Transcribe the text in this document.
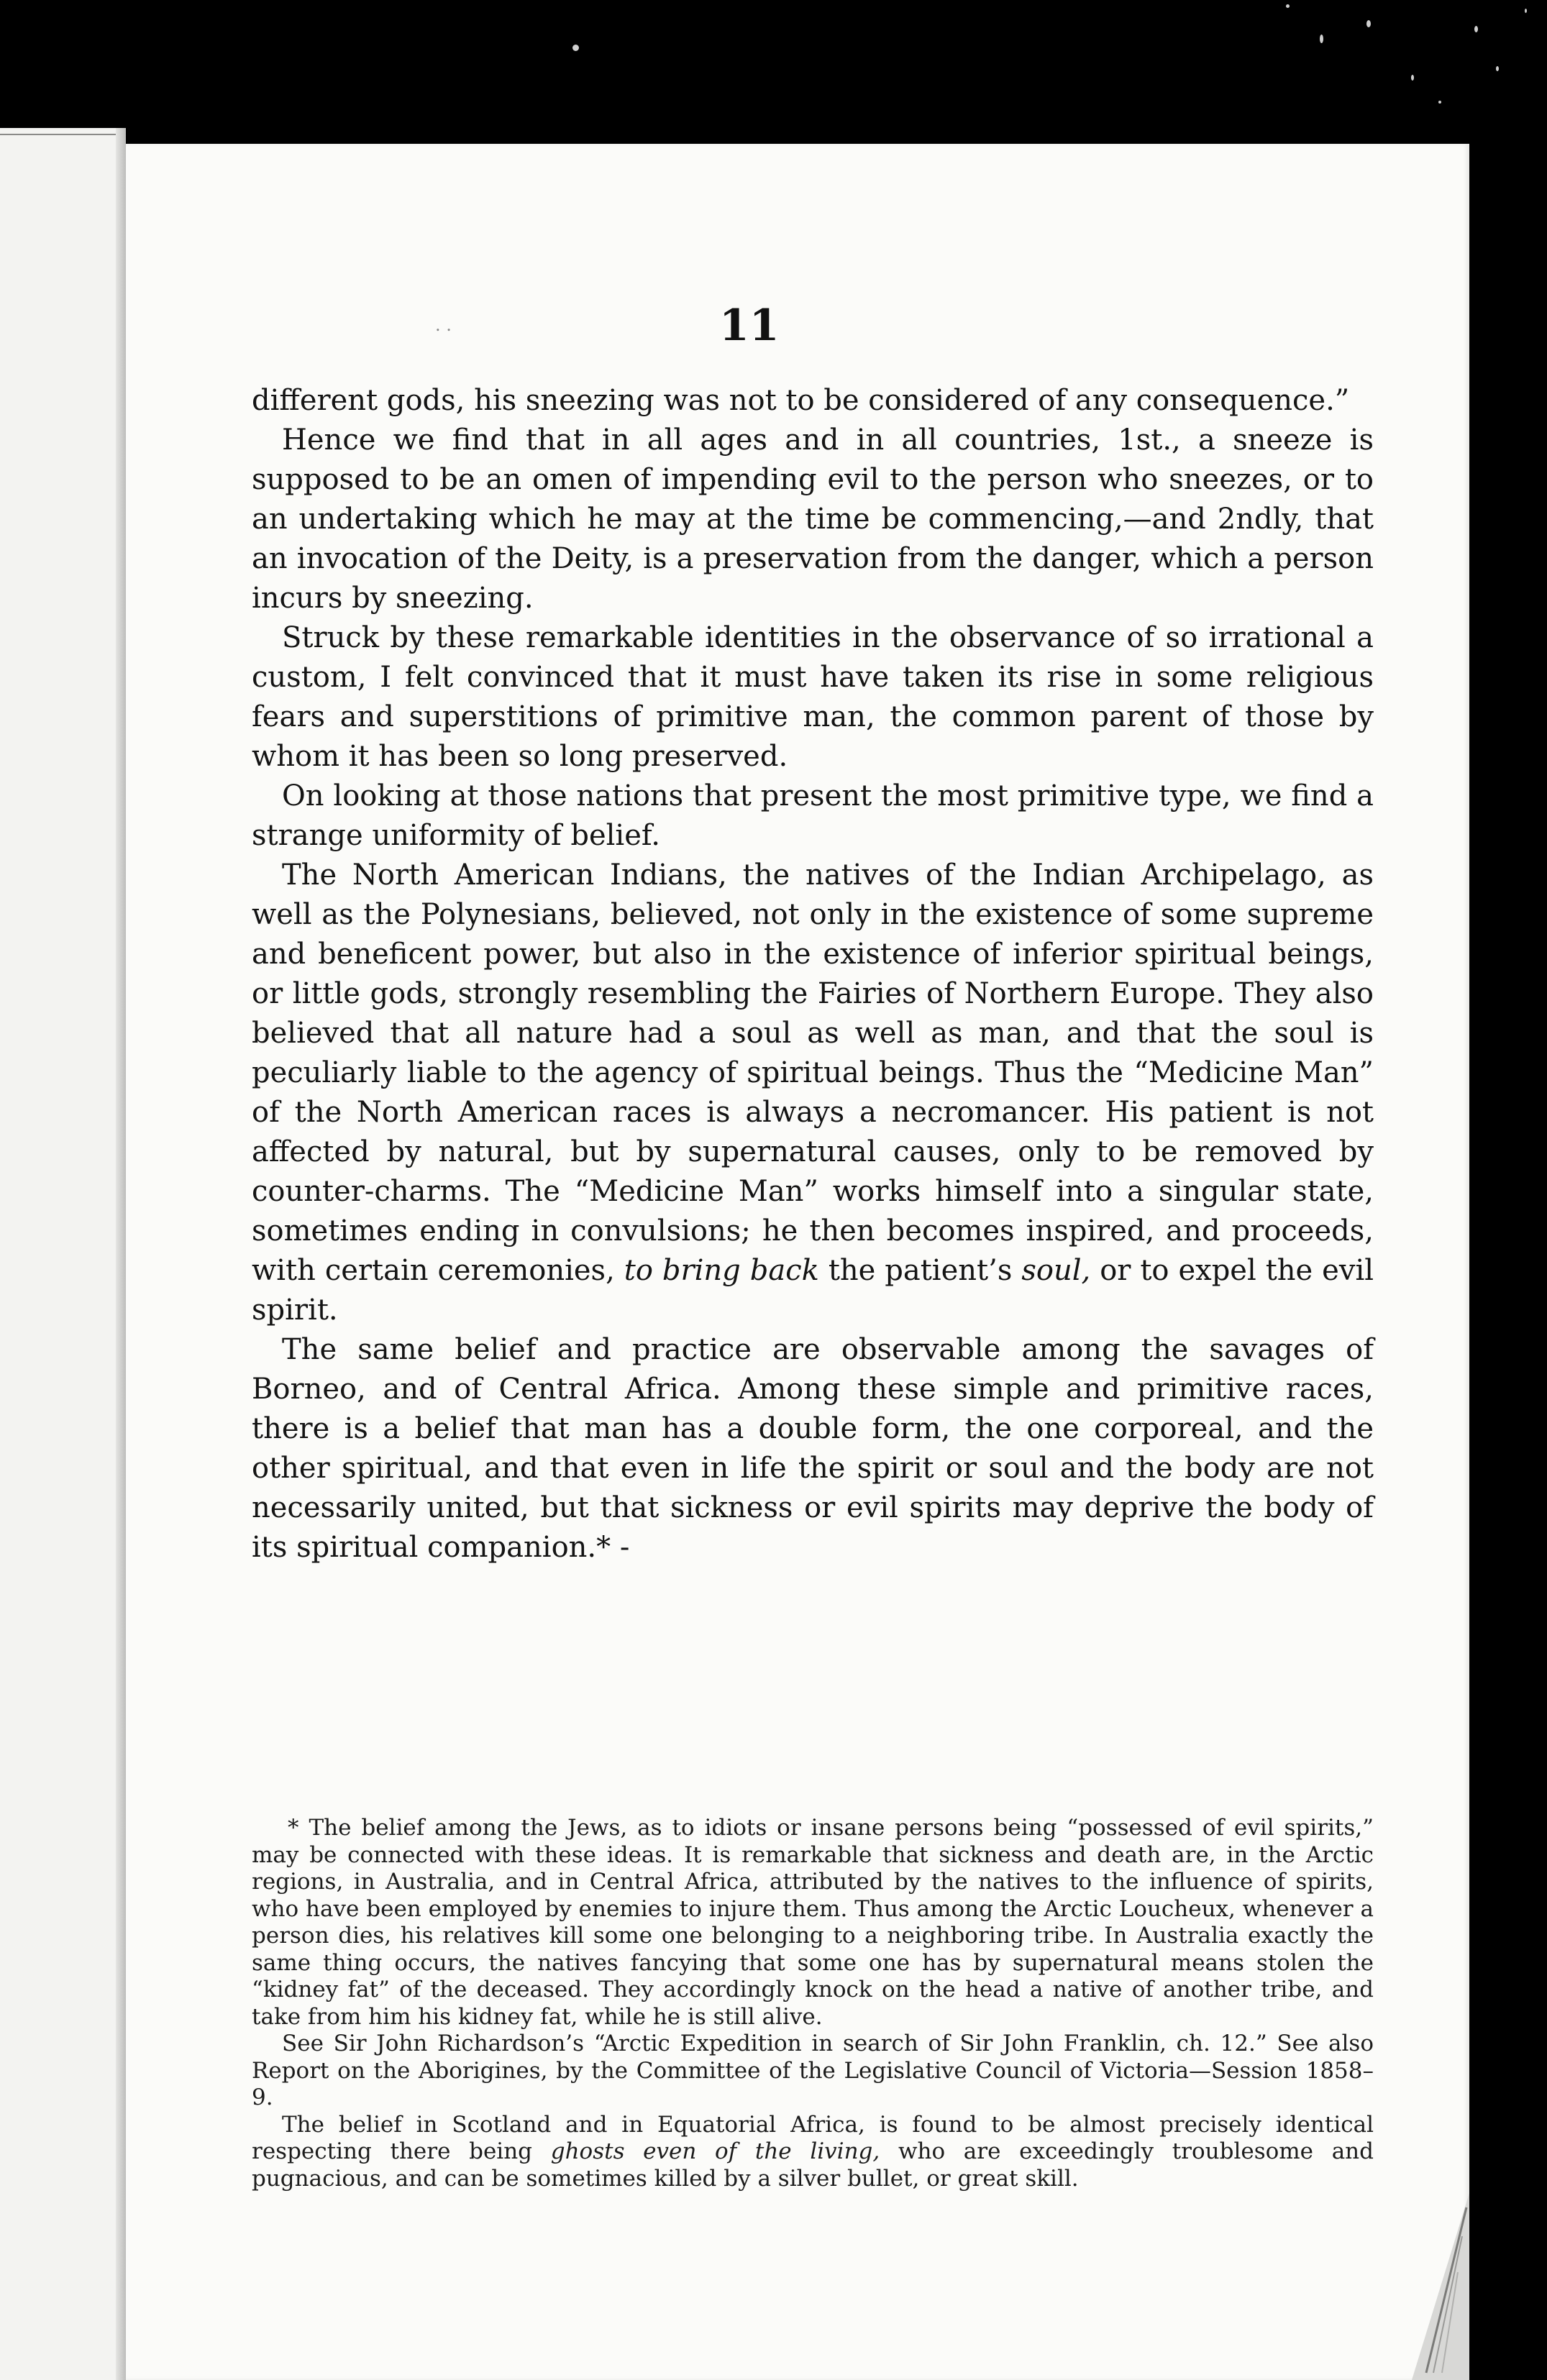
. .	11

different gods, his sneezing was not to be considered of any consequence.”

Hence we find that in all ages and in all countries, 1st., a sneeze is supposed to be an omen of impending evil to the person who sneezes, or to an undertaking which he may at the time be commencing,—and 2ndly, that an invocation of the Deity, is a preservation from the danger, which a person incurs by sneezing.

Struck by these remarkable identities in the observance of so irrational a custom, I felt convinced that it must have taken its rise in some religious fears and superstitions of primitive man, the common parent of those by whom it has been so long preserved.

On looking at those nations that present the most primitive type, we find a strange uniformity of belief.

The North American Indians, the natives of the Indian Archipelago, as well as the Polynesians, believed, not only in the existence of some supreme and beneficent power, but also in the existence of inferior spiritual beings, or little gods, strongly resembling the Fairies of Northern Europe. They also believed that all nature had a soul as well as man, and that the soul is peculiarly liable to the agency of spiritual beings. Thus the “Medicine Man” of the North American races is always a necromancer. His patient is not affected by natural, but by supernatural causes, only to be removed by counter-charms. The “Medicine Man” works himself into a singular state, sometimes ending in convulsions; he then becomes inspired, and proceeds, with certain ceremonies, to bring back the patient’s soul, or to expel the evil spirit.

The same belief and practice are observable among the savages of Borneo, and of Central Africa. Among these simple and primitive races, there is a belief that man has a double form, the one corporeal, and the other spiritual, and that even in life the spirit or soul and the body are not necessarily united, but that sickness or evil spirits may deprive the body of its spiritual companion.* -

* The belief among the Jews, as to idiots or insane persons being “possessed of evil spirits,” may be connected with these ideas. It is remarkable that sickness and death are, in the Arctic regions, in Australia, and in Central Africa, attributed by the natives to the influence of spirits, who have been employed by enemies to injure them. Thus among the Arctic Loucheux, whenever a person dies, his relatives kill some one belonging to a neighboring tribe. In Australia exactly the same thing occurs, the natives fancying that some one has by supernatural means stolen the “kidney fat” of the deceased. They accordingly knock on the head a native of another tribe, and take from him his kidney fat, while he is still alive.

See Sir John Richardson’s “Arctic Expedition in search of Sir John Franklin, ch. 12.” See also Report on the Aborigines, by the Committee of the Legislative Council of Victoria—Session 1858–9.

The belief in Scotland and in Equatorial Africa, is found to be almost precisely identical respecting there being ghosts even of the living, who are exceedingly troublesome and pugnacious, and can be sometimes killed by a silver bullet, or great skill.
